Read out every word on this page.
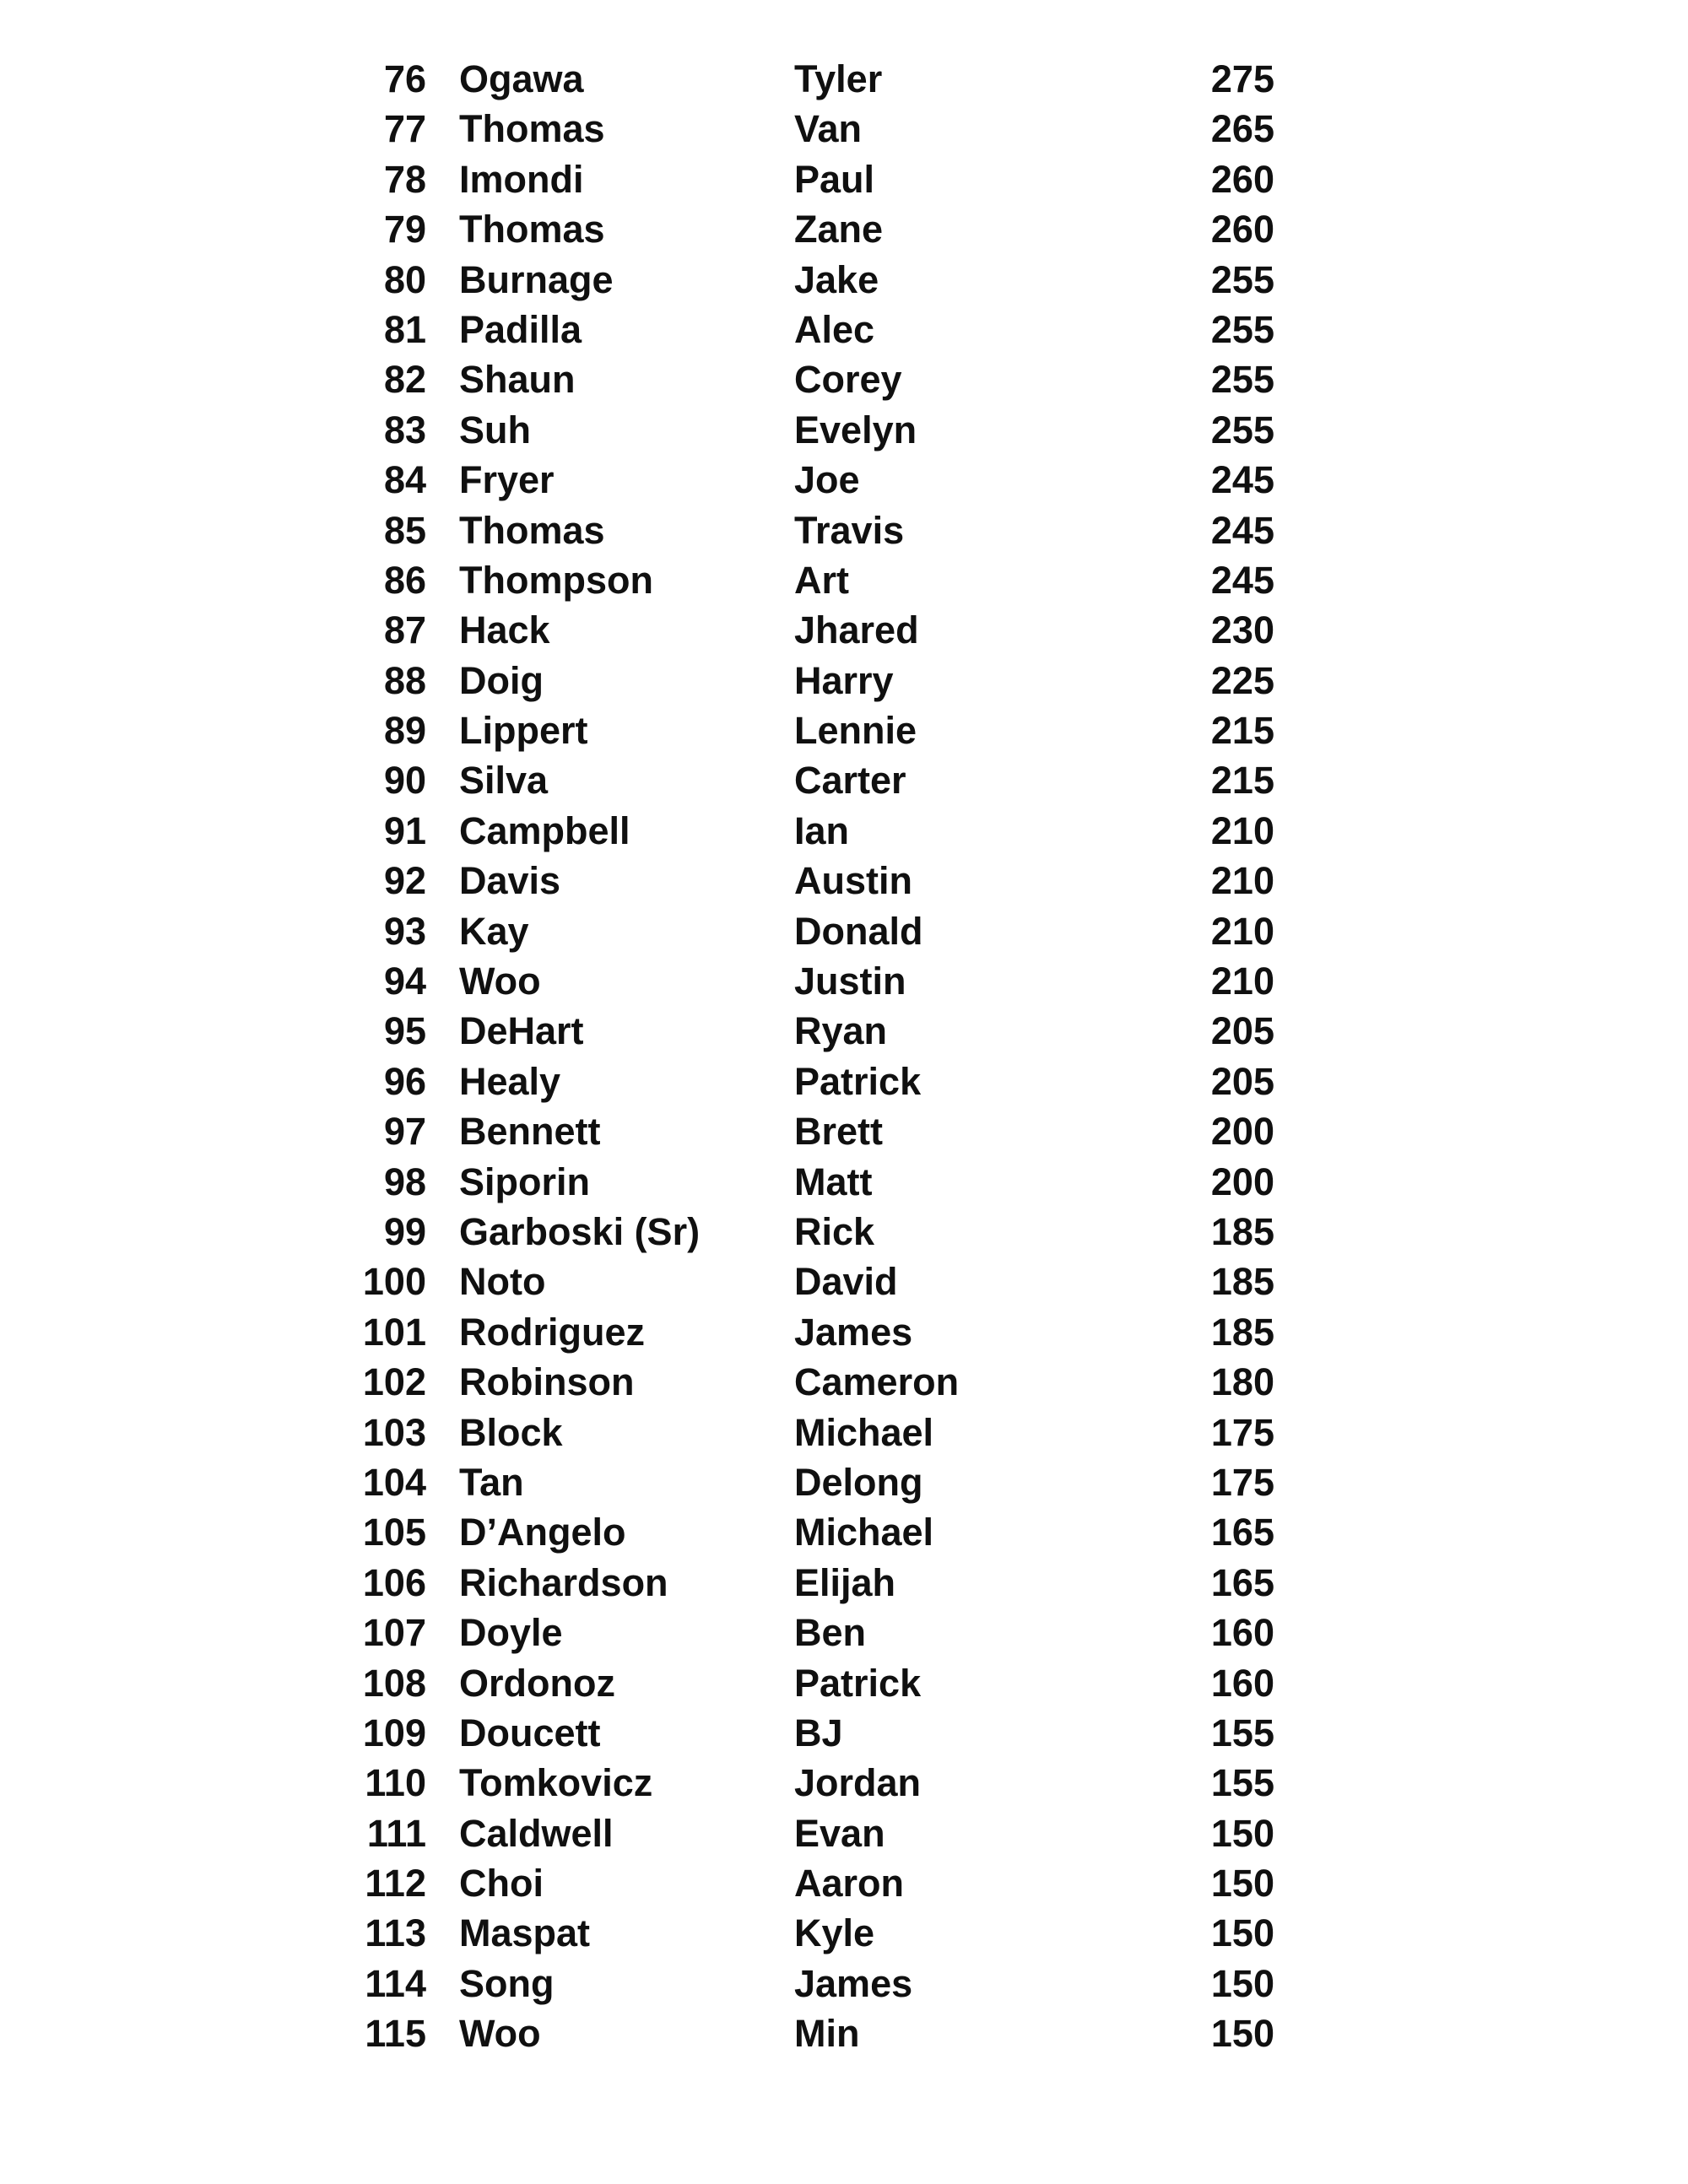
76 Ogawa	Tyler	275
77 Thomas	Van	265
78 Imondi	Paul	260
79 Thomas	Zane	260
80 Burnage	Jake	255
81 Padilla	Alec	255
82 Shaun	Corey	255
83 Suh	Evelyn	255
84 Fryer	Joe	245
85 Thomas	Travis	245
86 Thompson	Art	245
87 Hack	Jhared	230
88 Doig	Harry	225
89 Lippert	Lennie	215
90 Silva	Carter	215
91 Campbell	Ian	210
92 Davis	Austin	210
93 Kay	Donald	210
94 Woo	Justin	210
95 DeHart	Ryan	205
96 Healy	Patrick	205
97 Bennett	Brett	200
98 Siporin	Matt	200
99 Garboski (Sr)	Rick	185
100 Noto	David	185
101 Rodriguez	James	185
102 Robinson	Cameron	180
103 Block	Michael	175
104 Tan	Delong	175
105 D’Angelo	Michael	165
106 Richardson	Elijah	165
107 Doyle	Ben	160
108 Ordonoz	Patrick	160
109 Doucett	BJ	155
110 Tomkovicz	Jordan	155
111 Caldwell	Evan	150
112 Choi	Aaron	150
113 Maspat	Kyle	150
114 Song	James	150
115 Woo	Min	150
